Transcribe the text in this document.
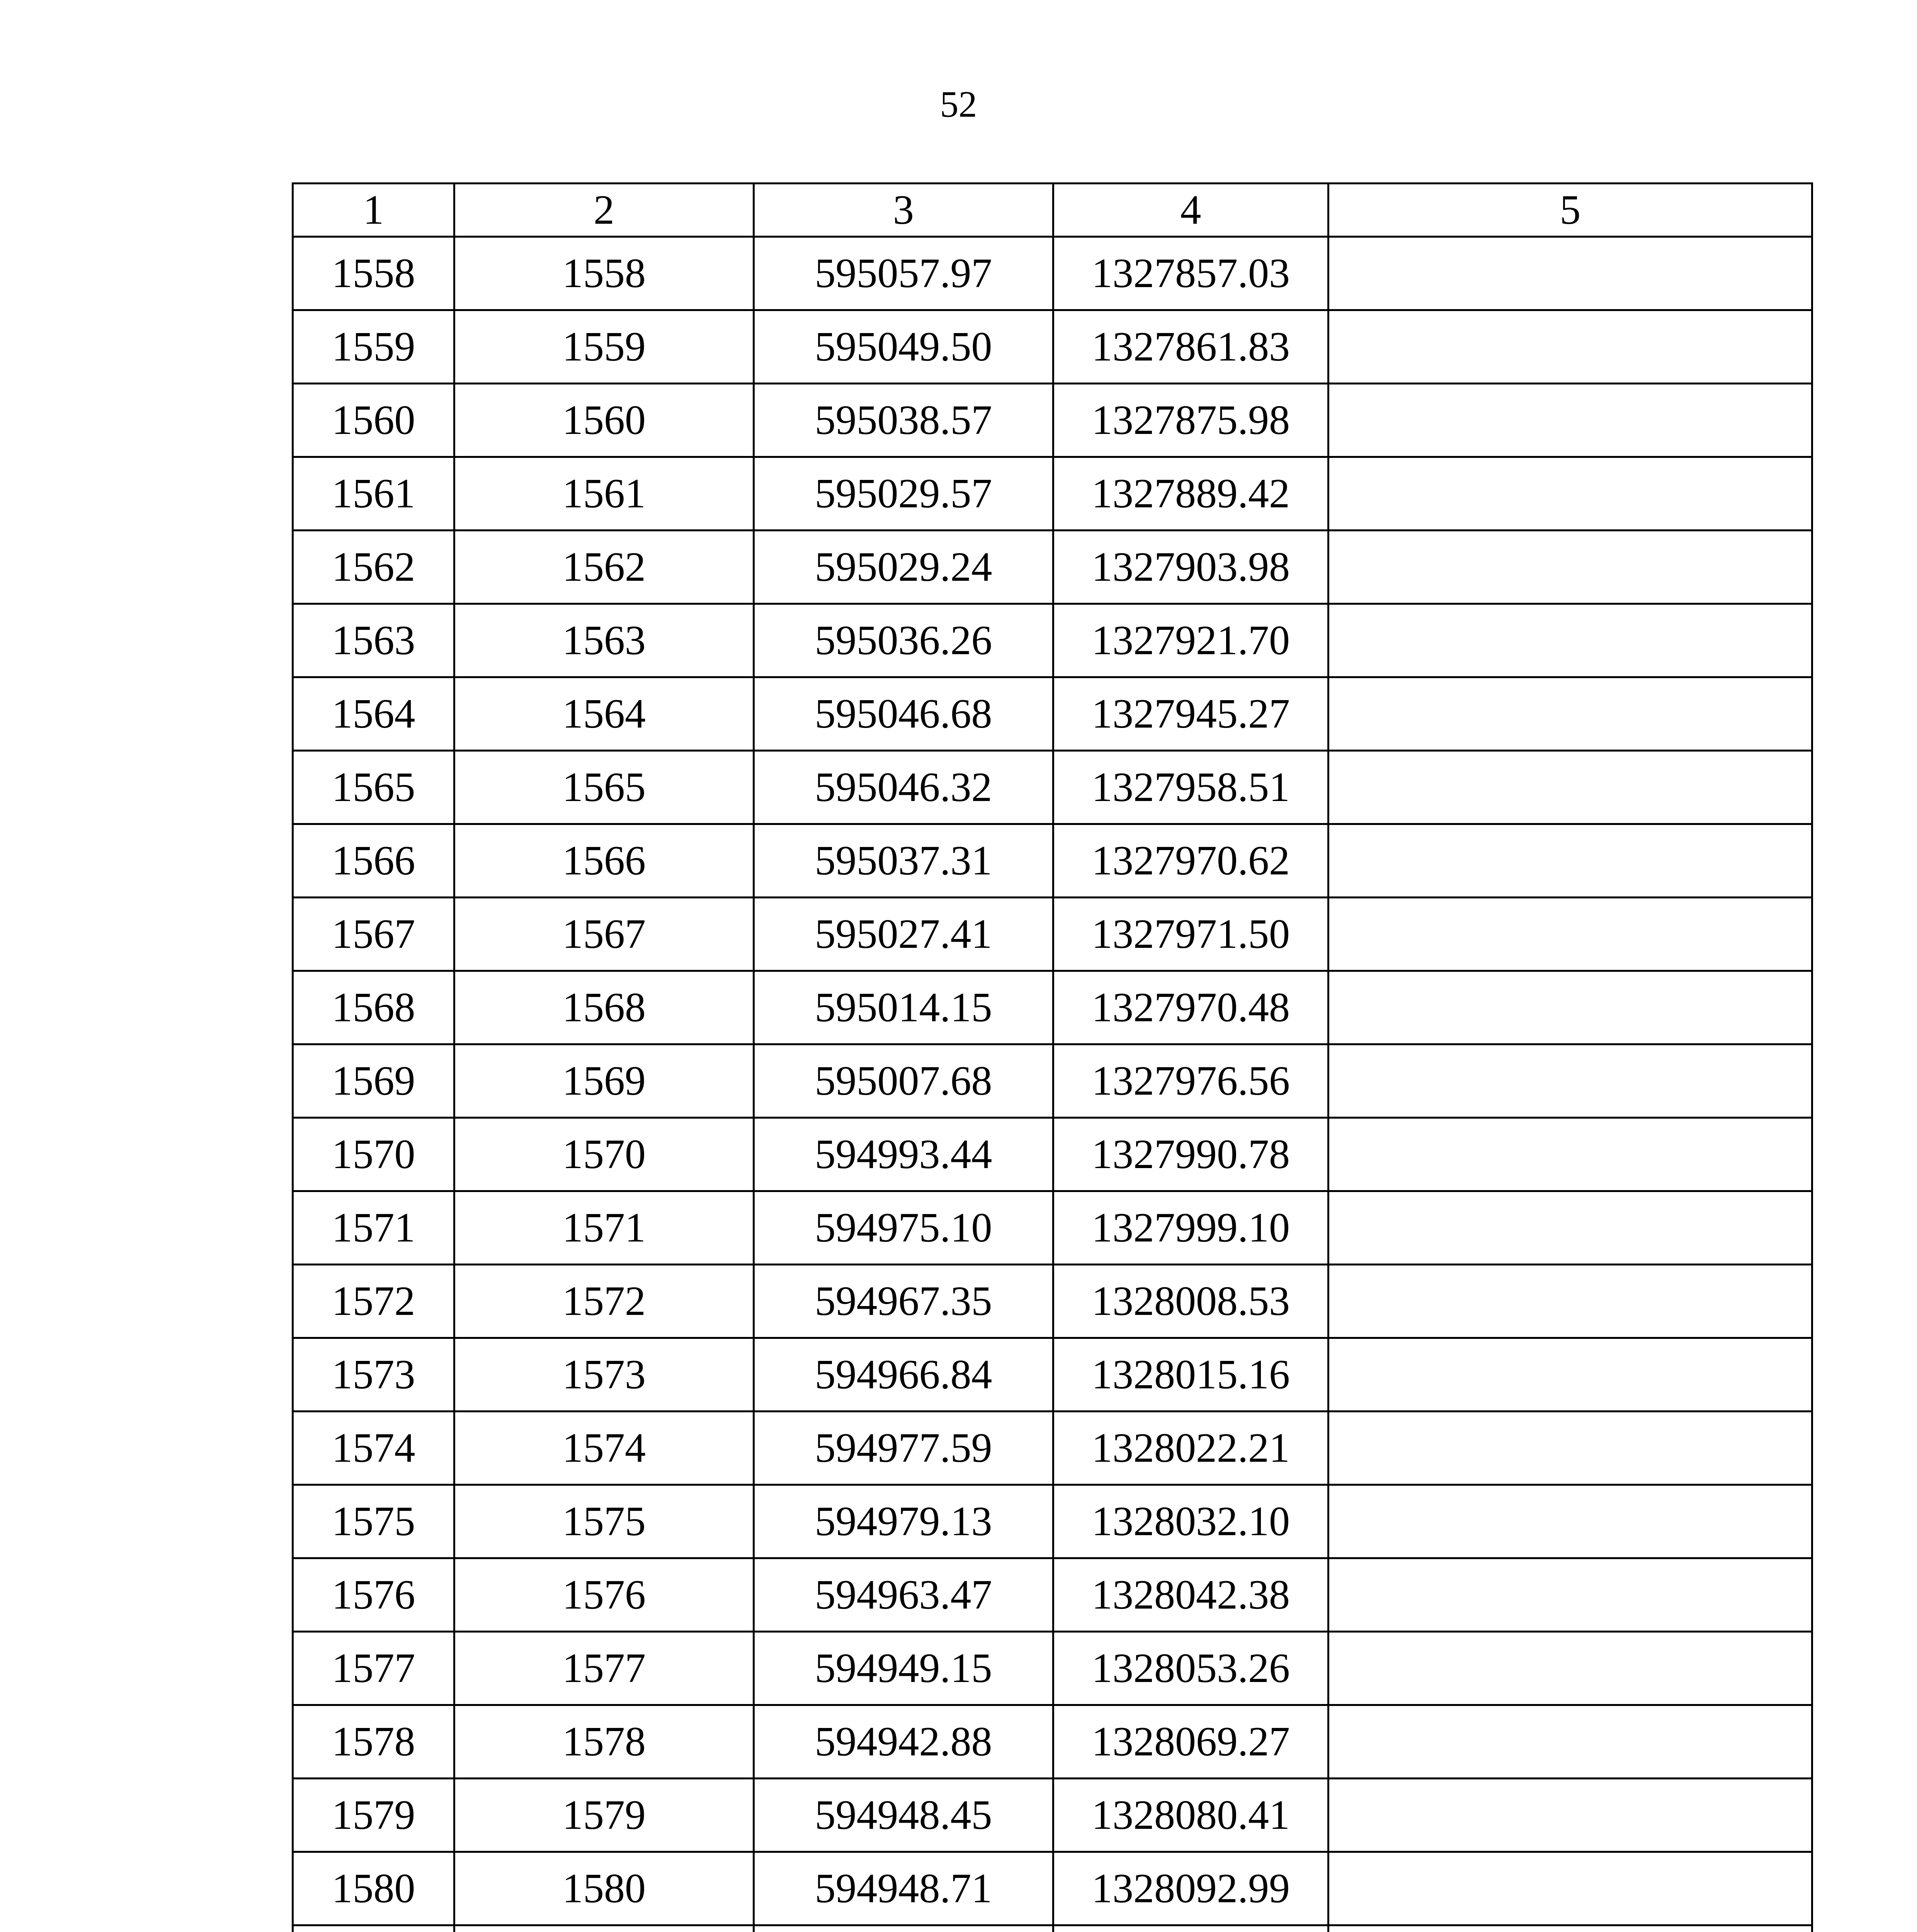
52
1	2	3	4	5
1558	1558	595057.97	1327857.03	
1559	1559	595049.50	1327861.83	
1560	1560	595038.57	1327875.98	
1561	1561	595029.57	1327889.42	
1562	1562	595029.24	1327903.98	
1563	1563	595036.26	1327921.70	
1564	1564	595046.68	1327945.27	
1565	1565	595046.32	1327958.51	
1566	1566	595037.31	1327970.62	
1567	1567	595027.41	1327971.50	
1568	1568	595014.15	1327970.48	
1569	1569	595007.68	1327976.56	
1570	1570	594993.44	1327990.78	
1571	1571	594975.10	1327999.10	
1572	1572	594967.35	1328008.53	
1573	1573	594966.84	1328015.16	
1574	1574	594977.59	1328022.21	
1575	1575	594979.13	1328032.10	
1576	1576	594963.47	1328042.38	
1577	1577	594949.15	1328053.26	
1578	1578	594942.88	1328069.27	
1579	1579	594948.45	1328080.41	
1580	1580	594948.71	1328092.99	
